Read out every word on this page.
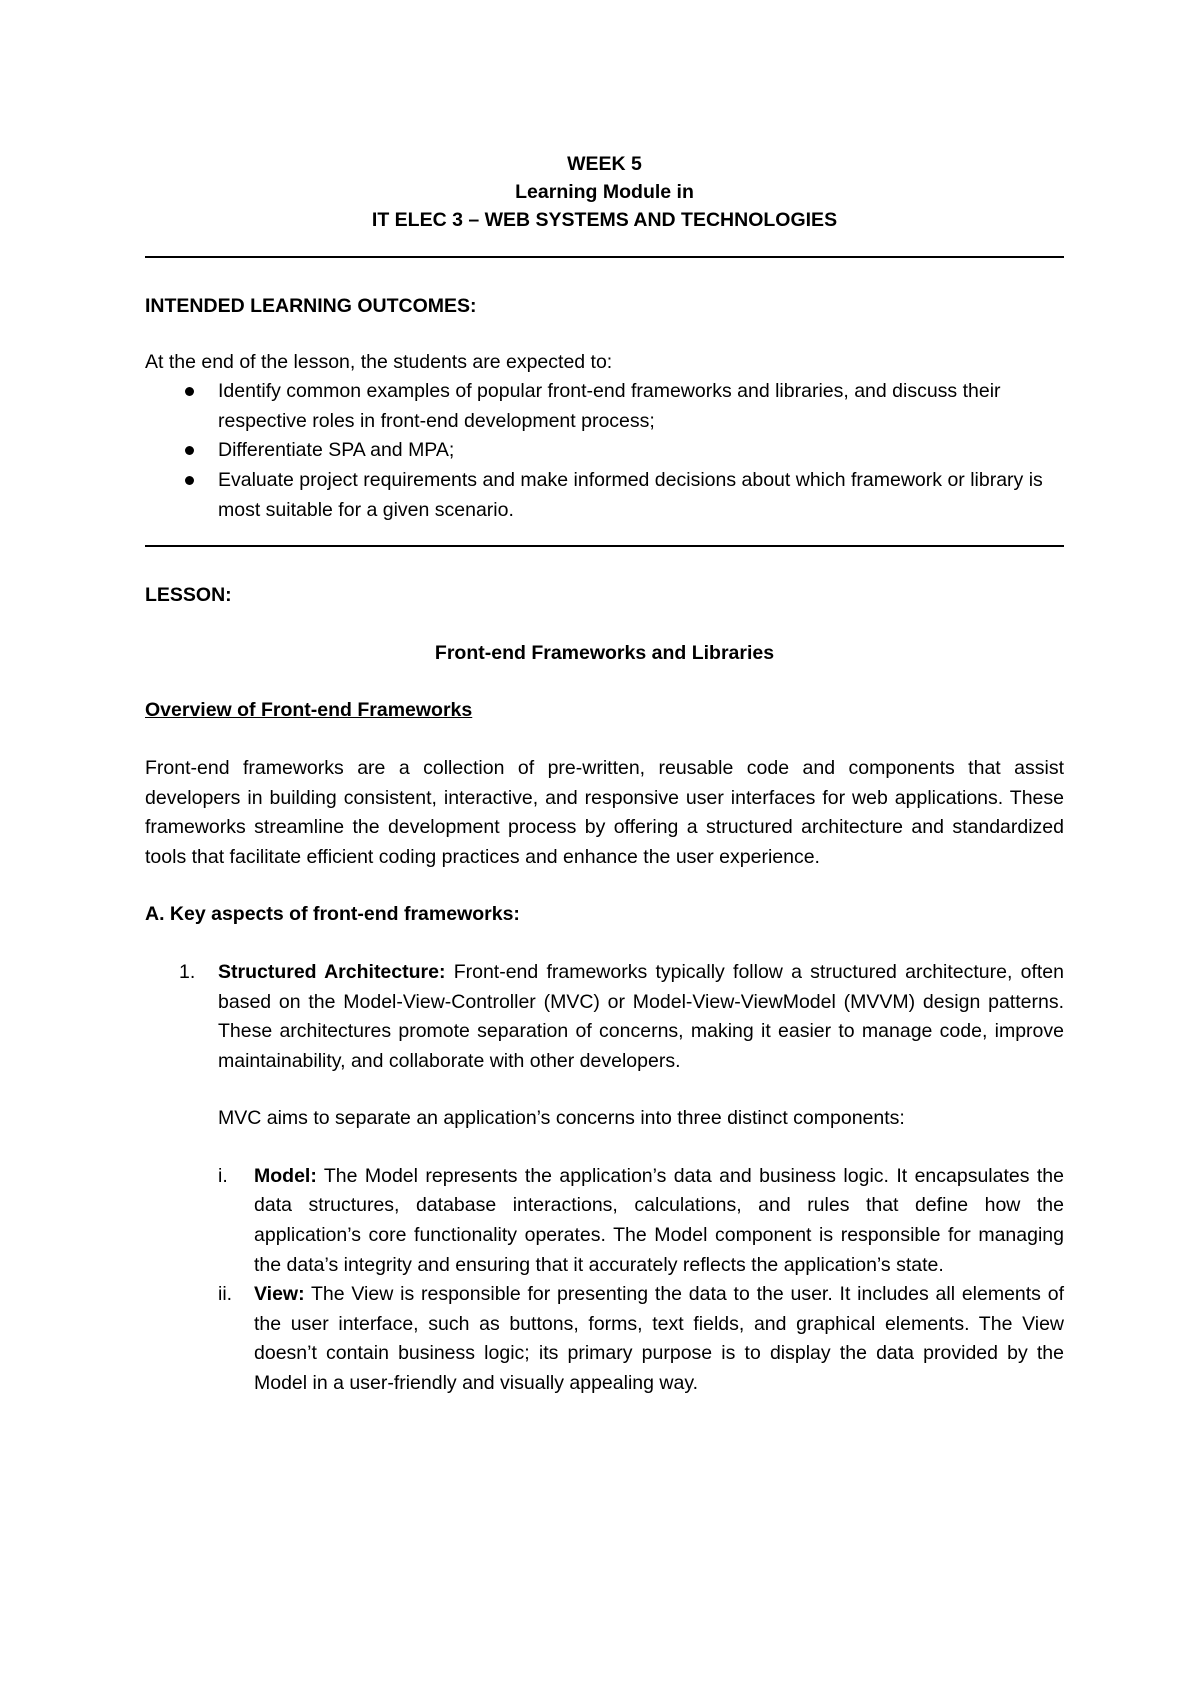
WEEK 5
Learning Module in
IT ELEC 3 – WEB SYSTEMS AND TECHNOLOGIES

INTENDED LEARNING OUTCOMES:

At the end of the lesson, the students are expected to:

Identify common examples of popular front-end frameworks and libraries, and discuss their respective roles in front-end development process;
Differentiate SPA and MPA;
Evaluate project requirements and make informed decisions about which framework or library is most suitable for a given scenario.

LESSON:

Front-end Frameworks and Libraries

Overview of Front-end Frameworks

Front-end frameworks are a collection of pre-written, reusable code and components that assist developers in building consistent, interactive, and responsive user interfaces for web applications. These frameworks streamline the development process by offering a structured architecture and standardized tools that facilitate efficient coding practices and enhance the user experience.

A. Key aspects of front-end frameworks:

1. Structured Architecture: Front-end frameworks typically follow a structured architecture, often based on the Model-View-Controller (MVC) or Model-View-ViewModel (MVVM) design patterns. These architectures promote separation of concerns, making it easier to manage code, improve maintainability, and collaborate with other developers.

MVC aims to separate an application’s concerns into three distinct components:

i. Model: The Model represents the application’s data and business logic. It encapsulates the data structures, database interactions, calculations, and rules that define how the application’s core functionality operates. The Model component is responsible for managing the data’s integrity and ensuring that it accurately reflects the application’s state.
ii. View: The View is responsible for presenting the data to the user. It includes all elements of the user interface, such as buttons, forms, text fields, and graphical elements. The View doesn’t contain business logic; its primary purpose is to display the data provided by the Model in a user-friendly and visually appealing way.
